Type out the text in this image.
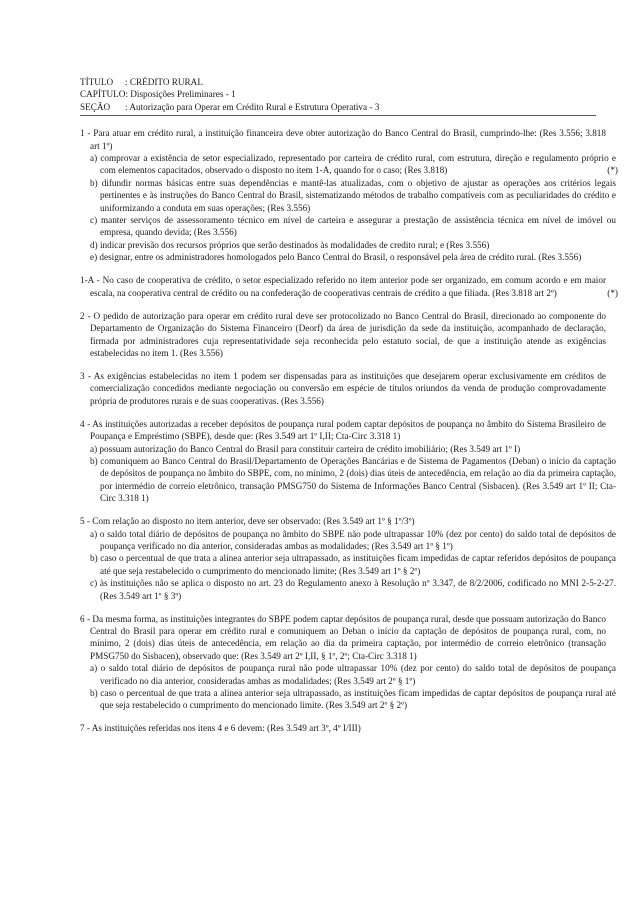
TÍTULO	: CRÉDITO RURAL
CAPÍTULO : Disposições Preliminares - 1
SEÇÃO	: Autorização para Operar em Crédito Rural e Estrutura Operativa - 3
1 - Para atuar em crédito rural, a instituição financeira deve obter autorização do Banco Central do Brasil, cumprindo-lhe: (Res 3.556; 3.818 art 1º)
a) comprovar a existência de setor especializado, representado por carteira de crédito rural, com estrutura, direção e regulamento próprio e com elementos capacitados, observado o disposto no item 1-A, quando for o caso; (Res 3.818)	(*)
b) difundir normas básicas entre suas dependências e mantê-las atualizadas, com o objetivo de ajustar as operações aos critérios legais pertinentes e às instruções do Banco Central do Brasil, sistematizando métodos de trabalho compatíveis com as peculiaridades do crédito e uniformizando a conduta em suas operações; (Res 3.556)
c) manter serviços de assessoramento técnico em nível de carteira e assegurar a prestação de assistência técnica em nível de imóvel ou empresa, quando devida; (Res 3.556)
d) indicar previsão dos recursos próprios que serão destinados às modalidades de credito rural; e (Res 3.556)
e) designar, entre os administradores homologados pelo Banco Central do Brasil, o responsável pela área de crédito rural. (Res 3.556)
1-A - No caso de cooperativa de crédito, o setor especializado referido no item anterior pode ser organizado, em comum acordo e em maior escala, na cooperativa central de crédito ou na confederação de cooperativas centrais de crédito a que filiada. (Res 3.818 art 2º)	(*)
2 - O pedido de autorização para operar em crédito rural deve ser protocolizado no Banco Central do Brasil, direcionado ao componente do Departamento de Organização do Sistema Financeiro (Deorf) da área de jurisdição da sede da instituição, acompanhado de declaração, firmada por administradores cuja representatividade seja reconhecida pelo estatuto social, de que a instituição atende as exigências estabelecidas no item 1. (Res 3.556)
3 - As exigências estabelecidas no item 1 podem ser dispensadas para as instituições que desejarem operar exclusivamente em créditos de comercialização concedidos mediante negociação ou conversão em espécie de títulos oriundos da venda de produção comprovadamente própria de produtores rurais e de suas cooperativas. (Res 3.556)
4 - As instituições autorizadas a receber depósitos de poupança rural podem captar depósitos de poupança no âmbito do Sistema Brasileiro de Poupança e Empréstimo (SBPE), desde que: (Res 3.549 art 1º I,II; Cta-Circ 3.318 1)
a) possuam autorização do Banco Central do Brasil para constituir carteira de crédito imobiliário; (Res 3.549 art 1º I)
b) comuniquem ao Banco Central do Brasil/Departamento de Operações Bancárias e de Sistema de Pagamentos (Deban) o início da captação de depósitos de poupança no âmbito do SBPE, com, no mínimo, 2 (dois) dias úteis de antecedência, em relação ao dia da primeira captação, por intermédio de correio eletrônico, transação PMSG750 do Sistema de Informações Banco Central (Sisbacen). (Res 3.549 art 1º II; Cta-Circ 3.318 1)
5 - Com relação ao disposto no item anterior, deve ser observado: (Res 3.549 art 1º § 1º/3º)
a) o saldo total diário de depósitos de poupança no âmbito do SBPE não pode ultrapassar 10% (dez por cento) do saldo total de depósitos de poupança verificado no dia anterior, consideradas ambas as modalidades; (Res 3.549 art 1º § 1º)
b) caso o percentual de que trata a alínea anterior seja ultrapassado, as instituições ficam impedidas de captar referidos depósitos de poupança até que seja restabelecido o cumprimento do mencionado limite; (Res 3.549 art 1º § 2º)
c) às instituições não se aplica o disposto no art. 23 do Regulamento anexo à Resolução nº 3.347, de 8/2/2006, codificado no MNI 2-5-2-27. (Res 3.549 art 1º § 3º)
6 - Da mesma forma, as instituições integrantes do SBPE podem captar depósitos de poupança rural, desde que possuam autorização do Banco Central do Brasil para operar em crédito rural e comuniquem ao Deban o início da captação de depósitos de poupança rural, com, no mínimo, 2 (dois) dias úteis de antecedência, em relação ao dia da primeira captação, por intermédio de correio eletrônico (transação PMSG750 do Sisbacen), observado que: (Res 3.549 art 2º I,II, § 1º, 2º; Cta-Circ 3.318 1)
a) o saldo total diário de depósitos de poupança rural não pode ultrapassar 10% (dez por cento) do saldo total de depósitos de poupança verificado no dia anterior, consideradas ambas as modalidades; (Res 3.549 art 2º § 1º)
b) caso o percentual de que trata a alínea anterior seja ultrapassado, as instituições ficam impedidas de captar depósitos de poupança rural até que seja restabelecido o cumprimento do mencionado limite. (Res 3.549 art 2º § 2º)
7 - As instituições referidas nos itens 4 e 6 devem: (Res 3.549 art 3º, 4º I/III)
